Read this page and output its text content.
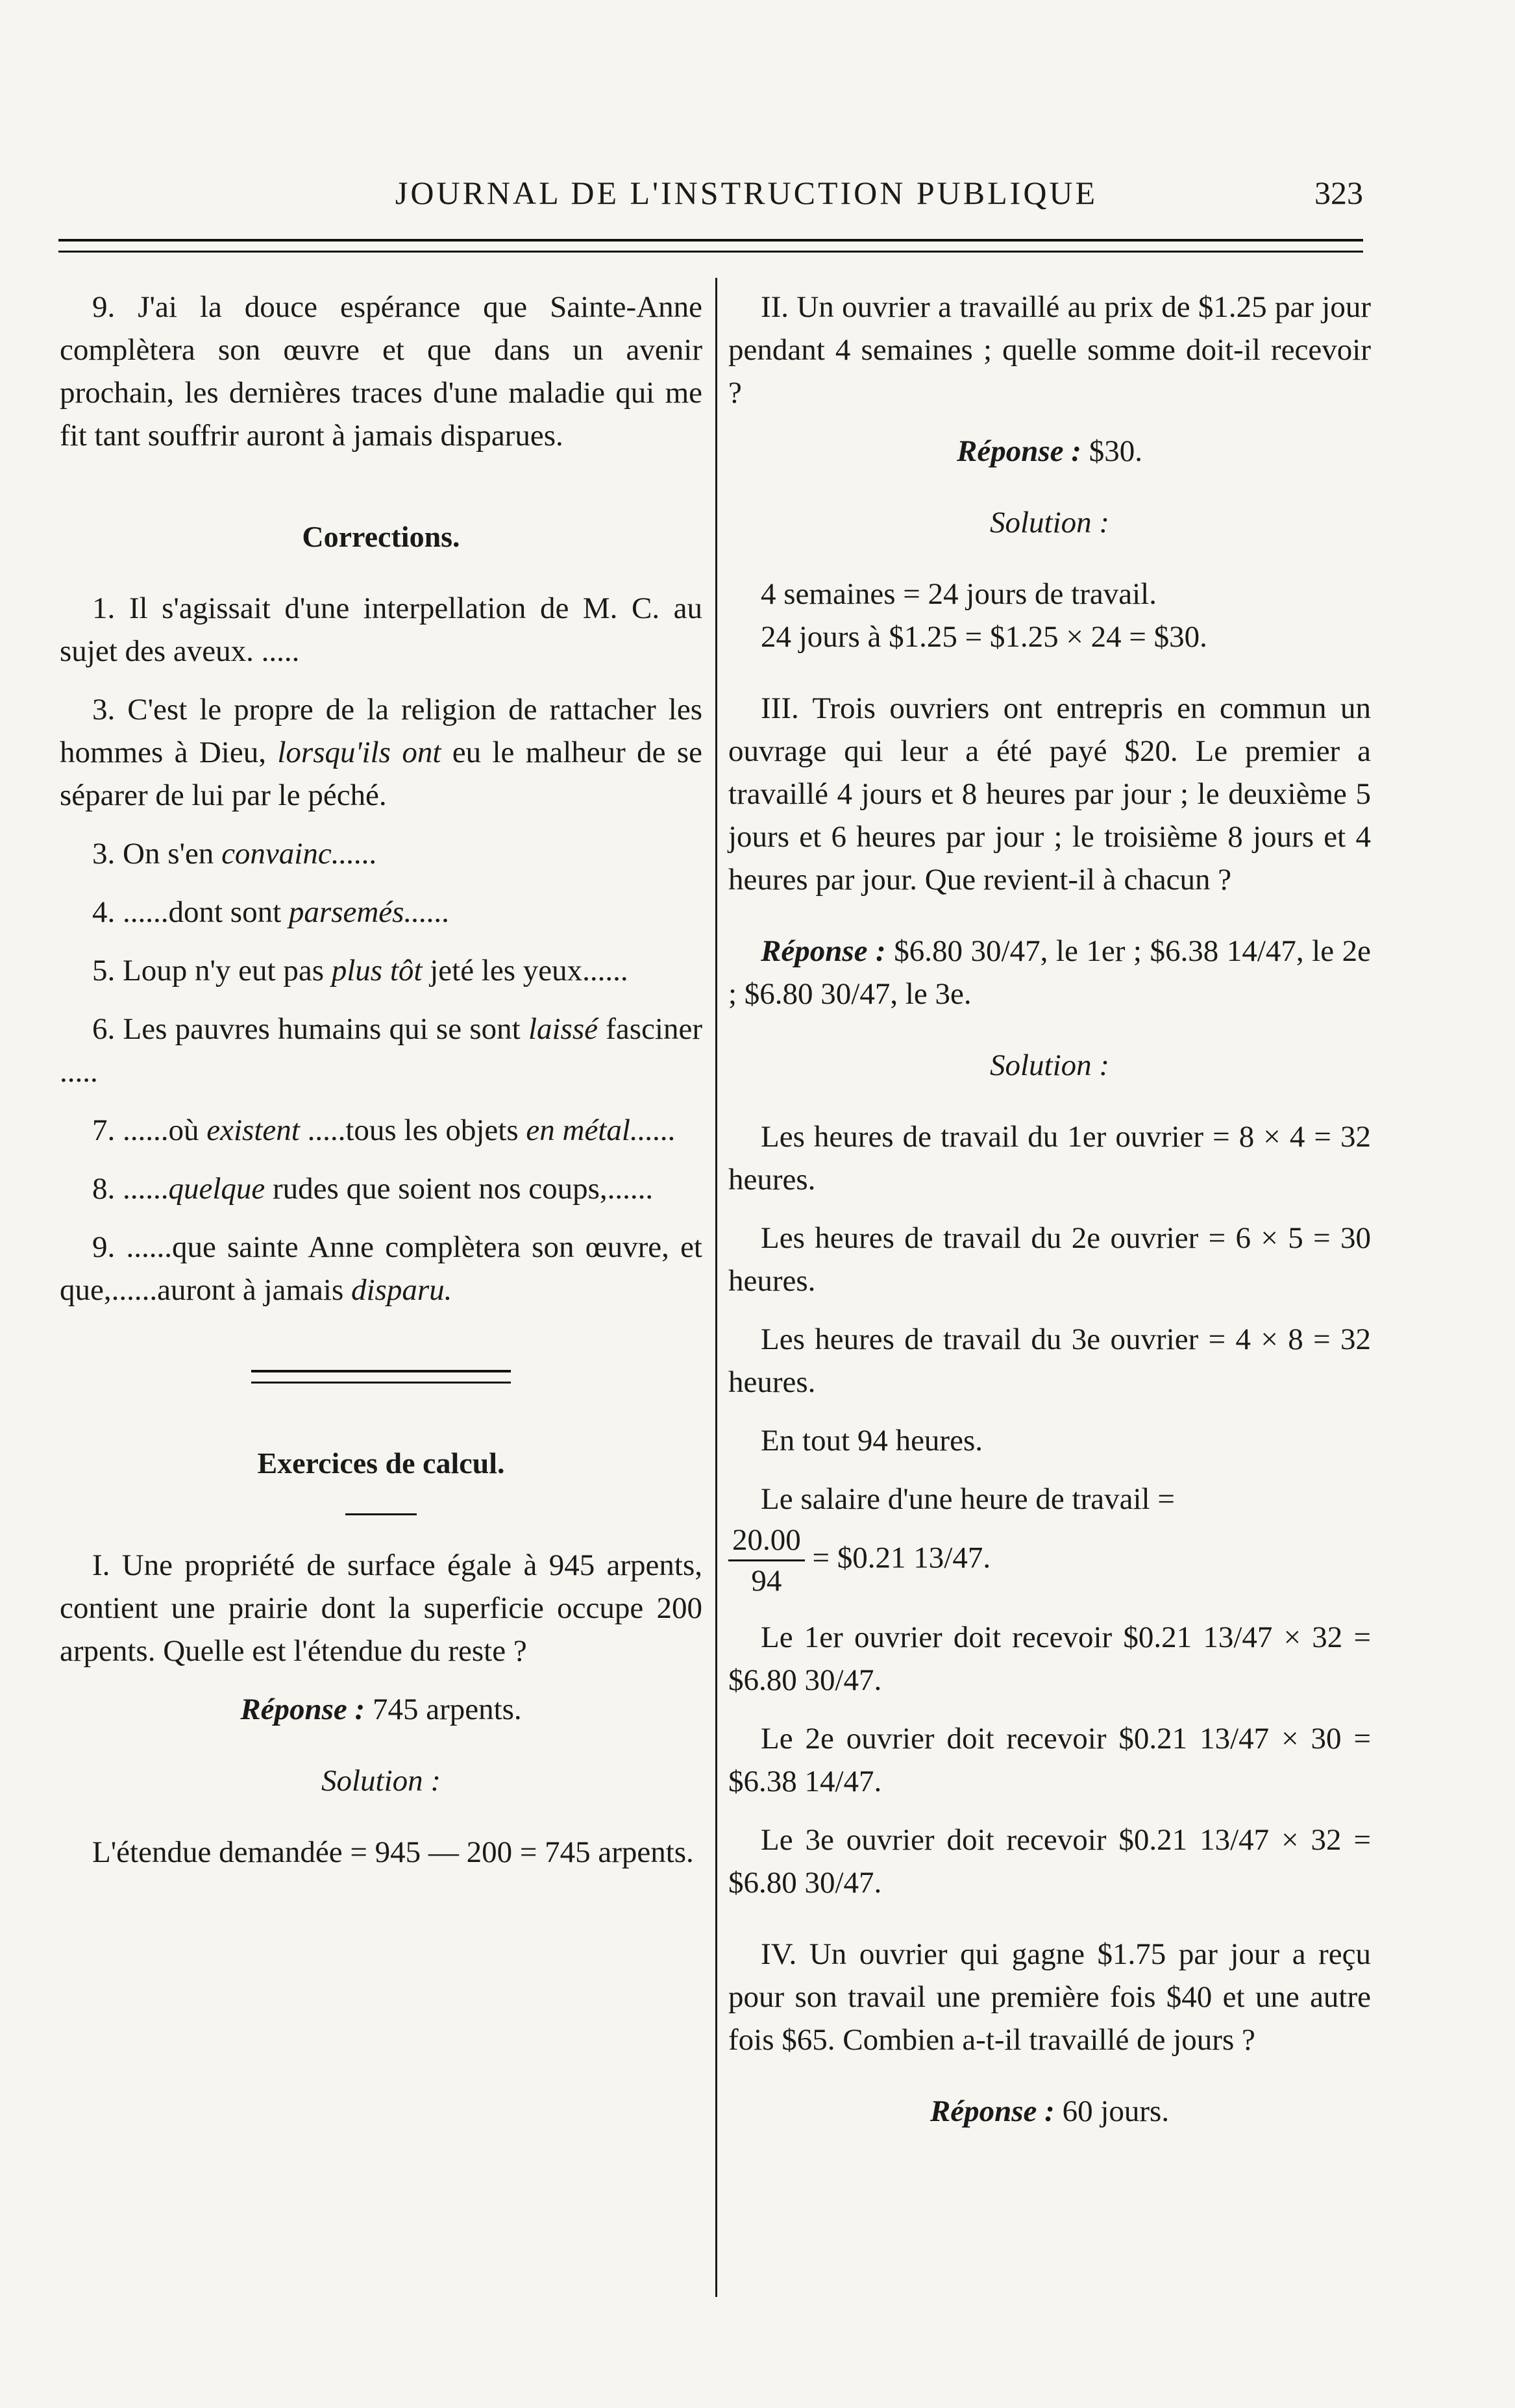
JOURNAL DE L'INSTRUCTION PUBLIQUE	323

9. J'ai la douce espérance que Sainte-Anne complètera son œuvre et que dans un avenir prochain, les dernières traces d'une maladie qui me fit tant souffrir auront à jamais disparues.

Corrections.

1. Il s'agissait d'une interpellation de M. C. au sujet des aveux. .....

3. C'est le propre de la religion de rattacher les hommes à Dieu, lorsqu'ils ont eu le malheur de se séparer de lui par le péché.

3. On s'en convainc......

4. ......dont sont parsemés......

5. Loup n'y eut pas plus tôt jeté les yeux......

6. Les pauvres humains qui se sont laissé fasciner .....

7. ......où existent .....tous les objets en métal......

8. ......quelque rudes que soient nos coups,......

9. ......que sainte Anne complètera son œuvre, et que,......auront à jamais disparu.

Exercices de calcul.

I. Une propriété de surface égale à 945 arpents, contient une prairie dont la superficie occupe 200 arpents. Quelle est l'étendue du reste ?

Réponse : 745 arpents.

Solution :

L'étendue demandée = 945 — 200 = 745 arpents.

II. Un ouvrier a travaillé au prix de $1.25 par jour pendant 4 semaines ; quelle somme doit-il recevoir ?

Réponse : $30.

Solution :

4 semaines = 24 jours de travail.

24 jours à $1.25 = $1.25 × 24 = $30.

III. Trois ouvriers ont entrepris en commun un ouvrage qui leur a été payé $20. Le premier a travaillé 4 jours et 8 heures par jour ; le deuxième 5 jours et 6 heures par jour ; le troisième 8 jours et 4 heures par jour. Que revient-il à chacun ?

Réponse : $6.80 30/47, le 1er ; $6.38 14/47, le 2e ; $6.80 30/47, le 3e.

Solution :

Les heures de travail du 1er ouvrier = 8 × 4 = 32 heures.

Les heures de travail du 2e ouvrier = 6 × 5 = 30 heures.

Les heures de travail du 3e ouvrier = 4 × 8 = 32 heures.

En tout 94 heures.

Le salaire d'une heure de travail =

$\frac{20.00}{94}$ = $0.21 13/47.

Le 1er ouvrier doit recevoir $0.21 13/47 × 32 = $6.80 30/47.

Le 2e ouvrier doit recevoir $0.21 13/47 × 30 = $6.38 14/47.

Le 3e ouvrier doit recevoir $0.21 13/47 × 32 = $6.80 30/47.

IV. Un ouvrier qui gagne $1.75 par jour a reçu pour son travail une première fois $40 et une autre fois $65. Combien a-t-il travaillé de jours ?

Réponse : 60 jours.
